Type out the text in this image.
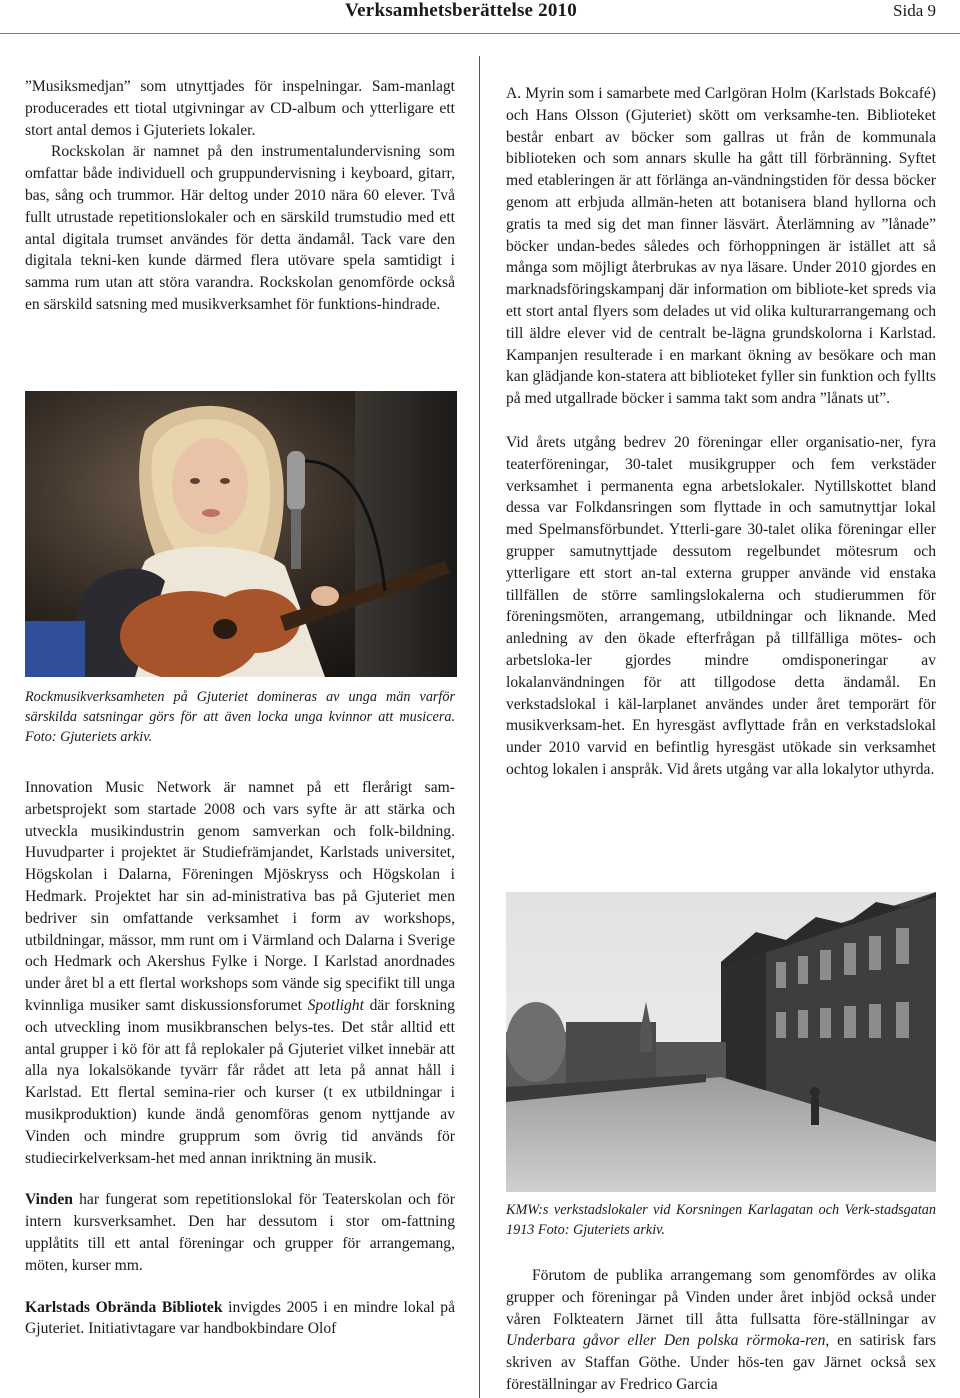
Verksamhetsberättelse 2010	Sida 9

”Musiksmedjan” som utnyttjades för inspelningar. Sam-manlagt producerades ett tiotal utgivningar av CD-album och ytterligare ett stort antal demos i Gjuteriets lokaler.

Rockskolan är namnet på den instrumentalundervisning som omfattar både individuell och gruppundervisning i keyboard, gitarr, bas, sång och trummor. Här deltog under 2010 nära 60 elever. Två fullt utrustade repetitionslokaler och en särskild trumstudio med ett antal digitala trumset användes för detta ändamål. Tack vare den digitala tekni-ken kunde därmed flera utövare spela samtidigt i samma rum utan att störa varandra. Rockskolan genomförde också en särskild satsning med musikverksamhet för funktions-hindrade.

Rockmusikverksamheten på Gjuteriet domineras av unga män varför särskilda satsningar görs för att även locka unga kvinnor att musicera. Foto: Gjuteriets arkiv.

Innovation Music Network är namnet på ett flerårigt sam-arbetsprojekt som startade 2008 och vars syfte är att stärka och utveckla musikindustrin genom samverkan och folk-bildning. Huvudparter i projektet är Studiefrämjandet, Karlstads universitet, Högskolan i Dalarna, Föreningen Mjöskryss och Högskolan i Hedmark. Projektet har sin ad-ministrativa bas på Gjuteriet men bedriver sin omfattande verksamhet i form av workshops, utbildningar, mässor, mm runt om i Värmland och Dalarna i Sverige och Hedmark och Akershus Fylke i Norge. I Karlstad anordnades under året bl a ett flertal workshops som vände sig specifikt till unga kvinnliga musiker samt diskussionsforumet Spotlight där forskning och utveckling inom musikbranschen belys-tes. Det står alltid ett antal grupper i kö för att få replokaler på Gjuteriet vilket innebär att alla nya lokalsökande tyvärr får rådet att leta på annat håll i Karlstad. Ett flertal semina-rier och kurser (t ex utbildningar i musikproduktion) kunde ändå genomföras genom nyttjande av Vinden och mindre grupprum som övrig tid används för studiecirkelverksam-het med annan inriktning än musik.

Vinden har fungerat som repetitionslokal för Teaterskolan och för intern kursverksamhet. Den har dessutom i stor om-fattning upplåtits till ett antal föreningar och grupper för arrangemang, möten, kurser mm.

Karlstads Obrända Bibliotek invigdes 2005 i en mindre lokal på Gjuteriet. Initiativtagare var handbokbindare Olof

A. Myrin som i samarbete med Carlgöran Holm (Karlstads Bokcafé) och Hans Olsson (Gjuteriet) skött om verksamhe-ten. Biblioteket består enbart av böcker som gallras ut från de kommunala biblioteken och som annars skulle ha gått till förbränning. Syftet med etableringen är att förlänga an-vändningstiden för dessa böcker genom att erbjuda allmän-heten att botanisera bland hyllorna och gratis ta med sig det man finner läsvärt. Återlämning av ”lånade” böcker undan-bedes således och förhoppningen är istället att så många som möjligt återbrukas av nya läsare. Under 2010 gjordes en marknadsföringskampanj där information om bibliote-ket spreds via ett stort antal flyers som delades ut vid olika kulturarrangemang och till äldre elever vid de centralt be-lägna grundskolorna i Karlstad. Kampanjen resulterade i en markant ökning av besökare och man kan glädjande kon-statera att biblioteket fyller sin funktion och fyllts på med utgallrade böcker i samma takt som andra ”lånats ut”.

Vid årets utgång bedrev 20 föreningar eller organisatio-ner, fyra teaterföreningar, 30-talet musikgrupper och fem verkstäder verksamhet i permanenta egna arbetslokaler. Nytillskottet bland dessa var Folkdansringen som flyttade in och samutnyttjar lokal med Spelmansförbundet. Ytterli-gare 30-talet olika föreningar eller grupper samutnyttjade dessutom regelbundet mötesrum och ytterligare ett stort an-tal externa grupper använde vid enstaka tillfällen de större samlingslokalerna och studierummen för föreningsmöten, arrangemang, utbildningar och liknande. Med anledning av den ökade efterfrågan på tillfälliga mötes- och arbetsloka-ler gjordes mindre omdisponeringar av lokalanvändningen för att tillgodose detta ändamål. En verkstadslokal i käl-larplanet användes under året temporärt för musikverksam-het. En hyresgäst avflyttade från en verkstadslokal under 2010 varvid en befintlig hyresgäst utökade sin verksamhet ochtog lokalen i anspråk. Vid årets utgång var alla lokalytor uthyrda.

KMW:s verkstadslokaler vid Korsningen Karlagatan och Verk-stadsgatan 1913 Foto: Gjuteriets arkiv.

Förutom de publika arrangemang som genomfördes av olika grupper och föreningar på Vinden under året inbjöd också under våren Folkteatern Järnet till åtta fullsatta före-ställningar av Underbara gåvor eller Den polska rörmoka-ren, en satirisk fars skriven av Staffan Göthe. Under hös-ten gav Järnet också sex föreställningar av Fredrico Garcia
